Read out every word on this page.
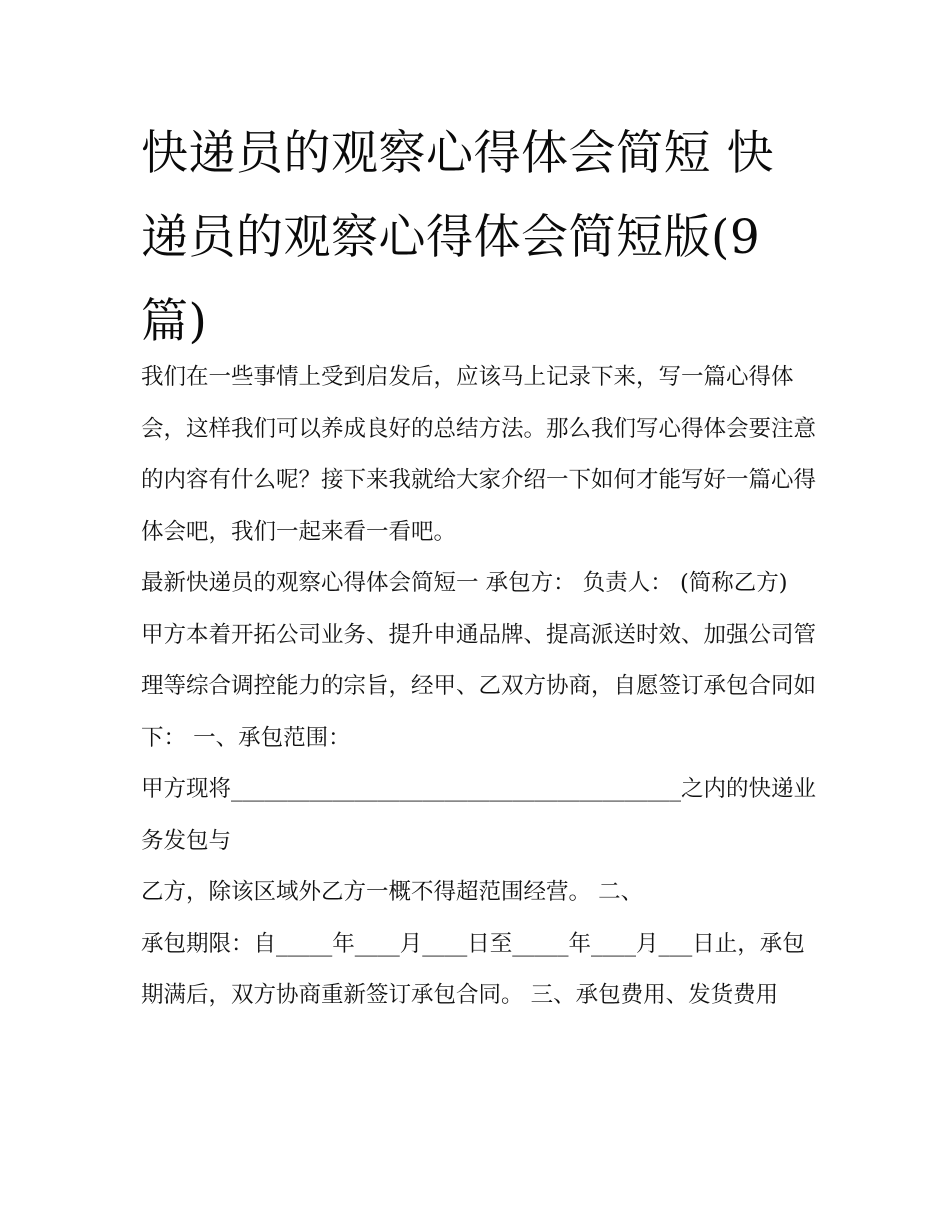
快递员的观察心得体会简短 快递员的观察心得体会简短版(9篇)

我们在一些事情上受到启发后，应该马上记录下来，写一篇心得体会，这样我们可以养成良好的总结方法。那么我们写心得体会要注意的内容有什么呢？接下来我就给大家介绍一下如何才能写好一篇心得体会吧，我们一起来看一看吧。

最新快递员的观察心得体会简短一 承包方： 负责人： (简称乙方)

甲方本着开拓公司业务、提升申通品牌、提高派送时效、加强公司管理等综合调控能力的宗旨，经甲、乙双方协商，自愿签订承包合同如下： 一、承包范围：

甲方现将________________________________________之内的快递业务发包与

乙方，除该区域外乙方一概不得超范围经营。 二、

承包期限：自_____年____月____日至_____年____月___日止，承包期满后，双方协商重新签订承包合同。 三、承包费用、发货费用
